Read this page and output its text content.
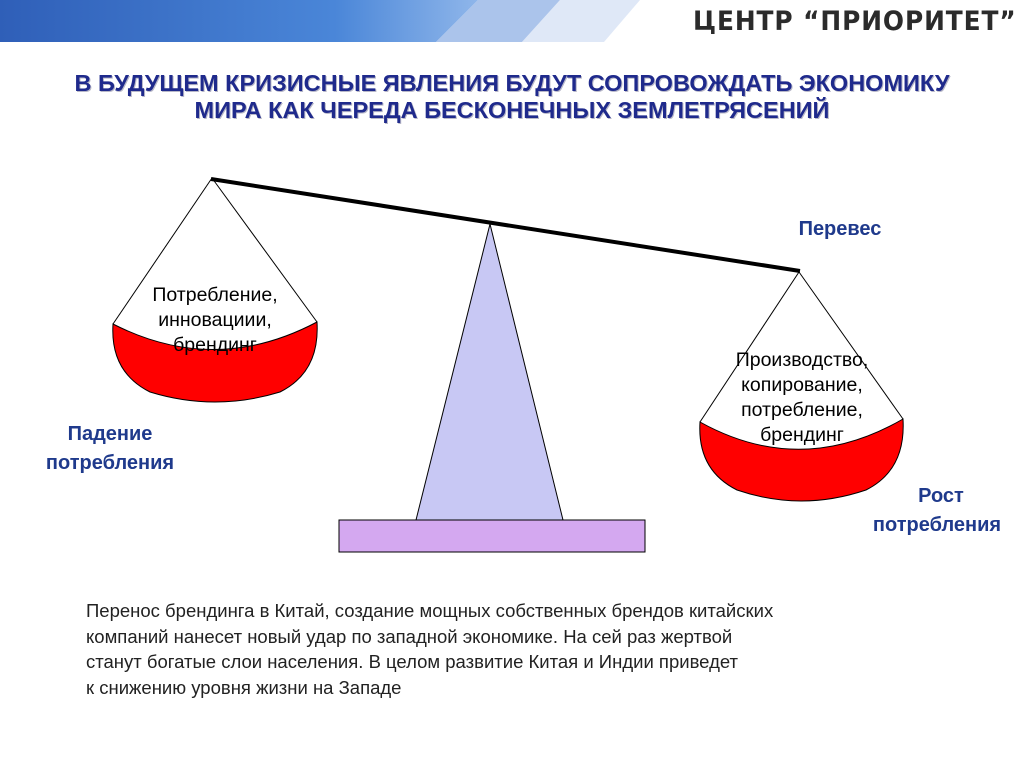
ЦЕНТР “ПРИОРИТЕТ”
В БУДУЩЕМ КРИЗИСНЫЕ ЯВЛЕНИЯ БУДУТ СОПРОВОЖДАТЬ ЭКОНОМИКУ
МИРА КАК ЧЕРЕДА БЕСКОНЕЧНЫХ ЗЕМЛЕТРЯСЕНИЙ
Потребление,
инновациии,
брендинг
Производство,
копирование,
потребление,
брендинг
Перевес
Падение
потребления
Рост
потребления
Перенос брендинга в Китай, создание мощных собственных брендов китайских
компаний нанесет новый удар по западной экономике. На сей раз жертвой
станут богатые слои населения. В целом развитие Китая и Индии приведет
к снижению уровня жизни на Западе
